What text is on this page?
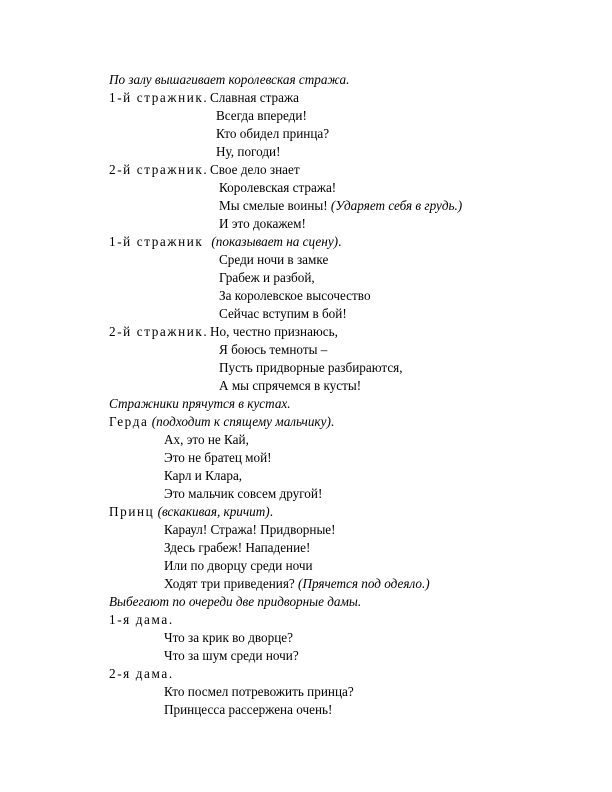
По залу вышагивает королевская стража.
1-й стражник. Славная стража
Всегда впереди!
Кто обидел принца?
Ну, погоди!
2-й стражник. Свое дело знает
Королевская стража!
Мы смелые воины! (Ударяет себя в грудь.)
И это докажем!
1-й стражник (показывает на сцену).
Среди ночи в замке
Грабеж и разбой,
За королевское высочество
Сейчас вступим в бой!
2-й стражник. Но, честно признаюсь,
Я боюсь темноты –
Пусть придворные разбираются,
А мы спрячемся в кусты!
Стражники прячутся в кустах.
Герда (подходит к спящему мальчику).
Ах, это не Кай,
Это не братец мой!
Карл и Клара,
Это мальчик совсем другой!
Принц (вскакивая, кричит).
Караул! Стража! Придворные!
Здесь грабеж! Нападение!
Или по дворцу среди ночи
Ходят три приведения? (Прячется под одеяло.)
Выбегают по очереди две придворные дамы.
1-я дама.
Что за крик во дворце?
Что за шум среди ночи?
2-я дама.
Кто посмел потревожить принца?
Принцесса рассержена очень!
